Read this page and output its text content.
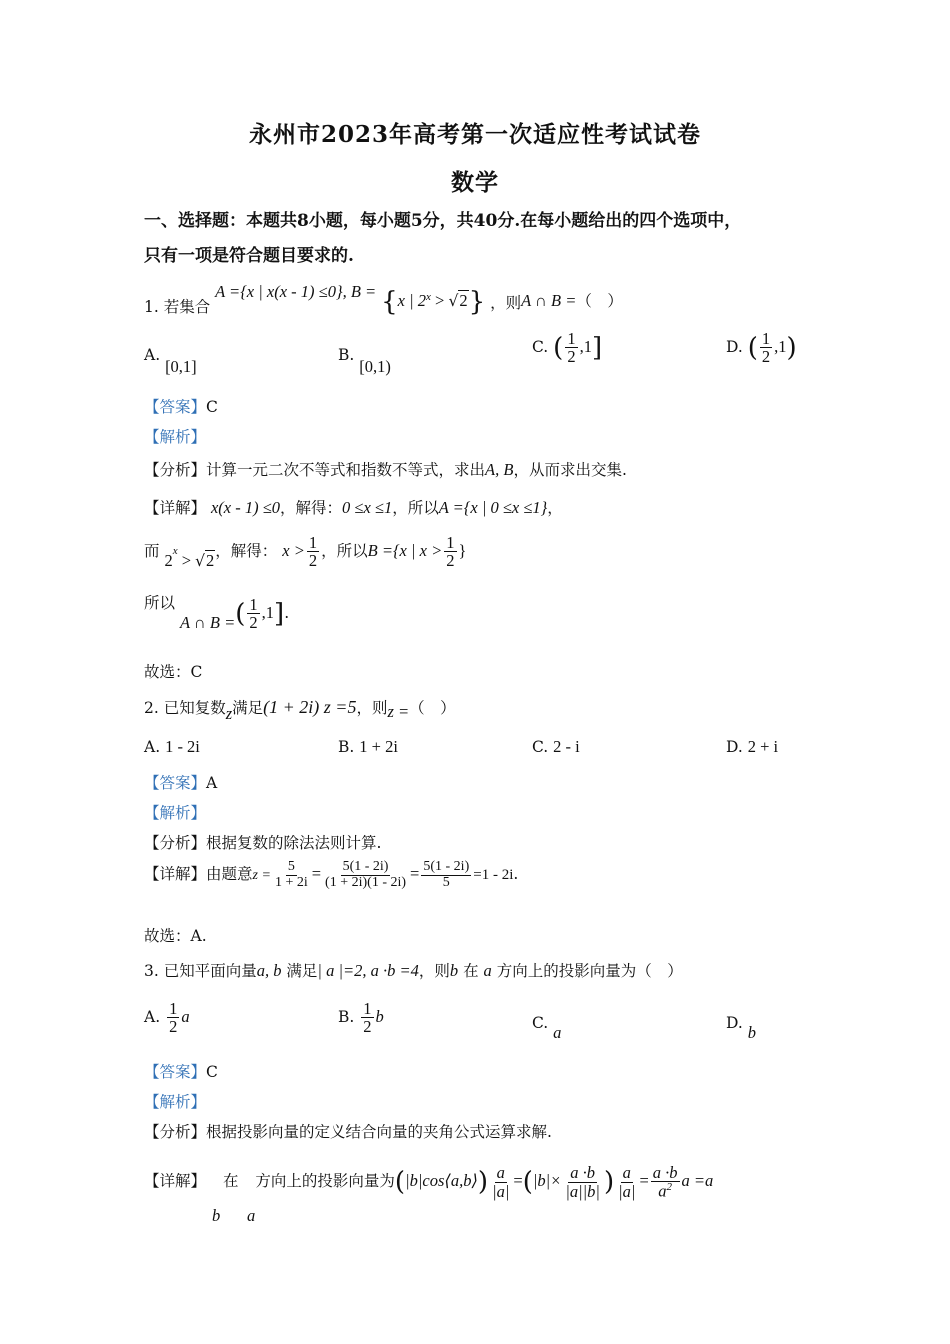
永州市2023年高考第一次适应性考试试卷
数学
一、选择题：本题共8小题，每小题5分，共40分.在每小题给出的四个选项中，
只有一项是符合题目要求的.
1. 若集合 A ={x | x(x - 1) ≤0}, B = {x | $2^x > √2$} ，则A ∩ B =（　）
A. [0,1]
B. [0,1)
C. ( $\frac{1}{2} ,1$]	D. ( $\frac{1}{2} ,1$)
【答案】C
【解析】
【分析】计算一元二次不等式和指数不等式，求出A, B，从而求出交集.
【详解】 x(x - 1) ≤0，解得：0 ≤x ≤1，所以A ={x | 0 ≤x ≤1}，
而 $2^x > √2$，解得： $x > \frac{1}{2}$ ，所以B ={x | $x > \frac{1}{2}$ }
所以 A ∩ B =( $\frac{1}{2} ,1$].
故选：C
2. 已知复数z满足(1 + 2i) z =5，则z =（　）
A. 1 - 2i	B. 1 + 2i	C. 2 - i	D. 2 + i
【答案】A
【解析】
【分析】根据复数的除法法则计算.
【详解】由题意$z = \frac{5}{1 + 2i} = \frac{5(1 - 2i)}{(1 + 2i)(1 - 2i)} = \frac{5(1 - 2i)}{5} =1 - 2i$.
故选：A.
3. 已知平面向量a, b 满足| a |=2, a ·b =4，则b 在 a 方向上的投影向量为（　）
A. $\frac{1}{2}$ a	B. $\frac{1}{2}$ b	C. a	D. b
【答案】C
【解析】
【分析】根据投影向量的定义结合向量的夹角公式运算求解.
【详解】 在 方向上的投影向量为(|b|cos⟨a,b⟩) $\frac{a}{|a|} =(|b|\times \frac{a \cdot b}{|a||b|}$ ) $\frac{a}{|a|} = \frac{a \cdot b}{a^2}$ a =a
b a
